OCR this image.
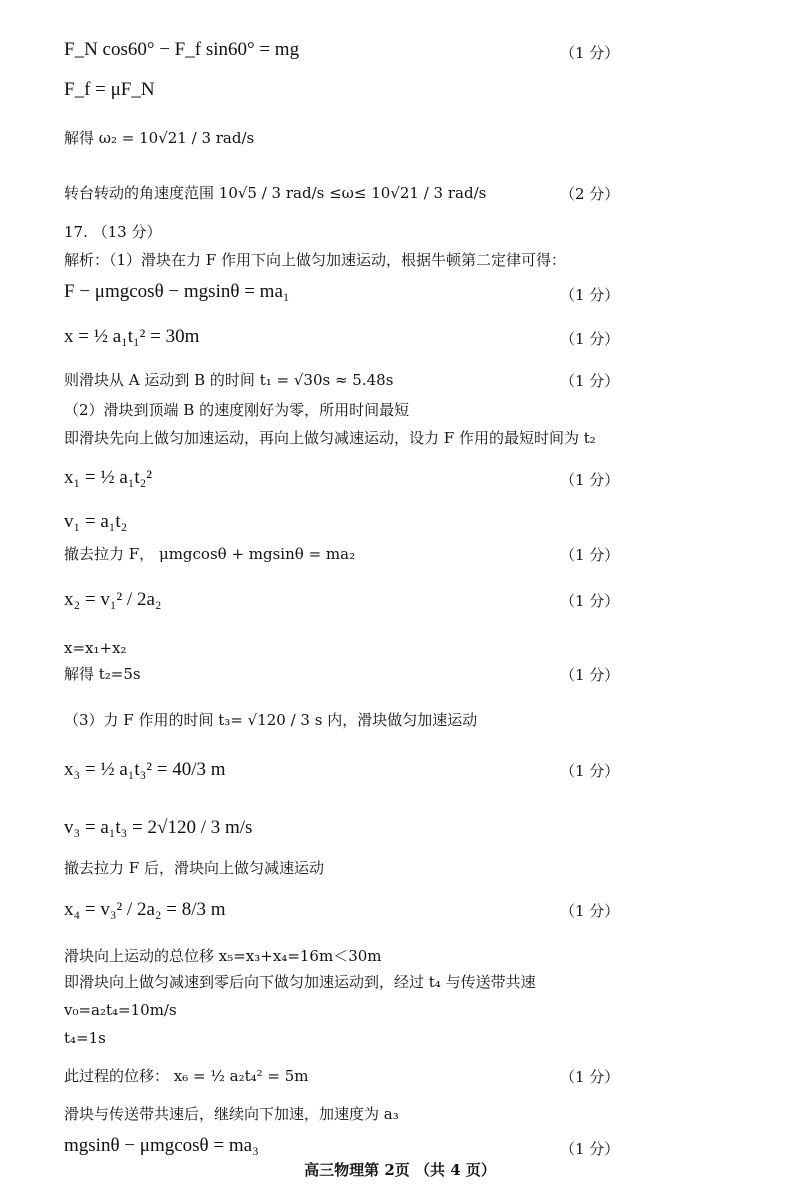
F_N cos60° − F_f sin60° = mg	（1 分）
F_f = μF_N
解得 ω₂ = 10√21 / 3 rad/s
转台转动的角速度范围 10√5 / 3 rad/s ≤ω≤ 10√21 / 3 rad/s	（2 分）
17. （13 分）
解析：（1）滑块在力 F 作用下向上做匀加速运动，根据牛顿第二定律可得：
F − μmgcosθ − mgsinθ = ma₁	（1 分）
x = ½ a₁t₁² = 30m	（1 分）
则滑块从 A 运动到 B 的时间 t₁ = √30s ≈ 5.48s	（1 分）
（2）滑块到顶端 B 的速度刚好为零，所用时间最短
即滑块先向上做匀加速运动，再向上做匀减速运动，设力 F 作用的最短时间为 t₂
x₁ = ½ a₁t₂²	（1 分）
v₁ = a₁t₂
撤去拉力 F， μmgcosθ + mgsinθ = ma₂	（1 分）
x₂ = v₁² / 2a₂	（1 分）
x=x₁+x₂
解得 t₂=5s	（1 分）
（3）力 F 作用的时间 t₃= √120 / 3 s 内，滑块做匀加速运动
x₃ = ½ a₁t₃² = 40/3 m	（1 分）
v₃ = a₁t₃ = 2√120 / 3 m/s
撤去拉力 F 后，滑块向上做匀减速运动
x₄ = v₃² / 2a₂ = 8/3 m	（1 分）
滑块向上运动的总位移 x₅=x₃+x₄=16m＜30m
即滑块向上做匀减速到零后向下做匀加速运动到，经过 t₄ 与传送带共速
v₀=a₂t₄=10m/s
t₄=1s
此过程的位移： x₆ = ½ a₂t₄² = 5m	（1 分）
滑块与传送带共速后，继续向下加速，加速度为 a₃
mgsinθ − μmgcosθ = ma₃	（1 分）
高三物理第 2页 （共 4 页）
